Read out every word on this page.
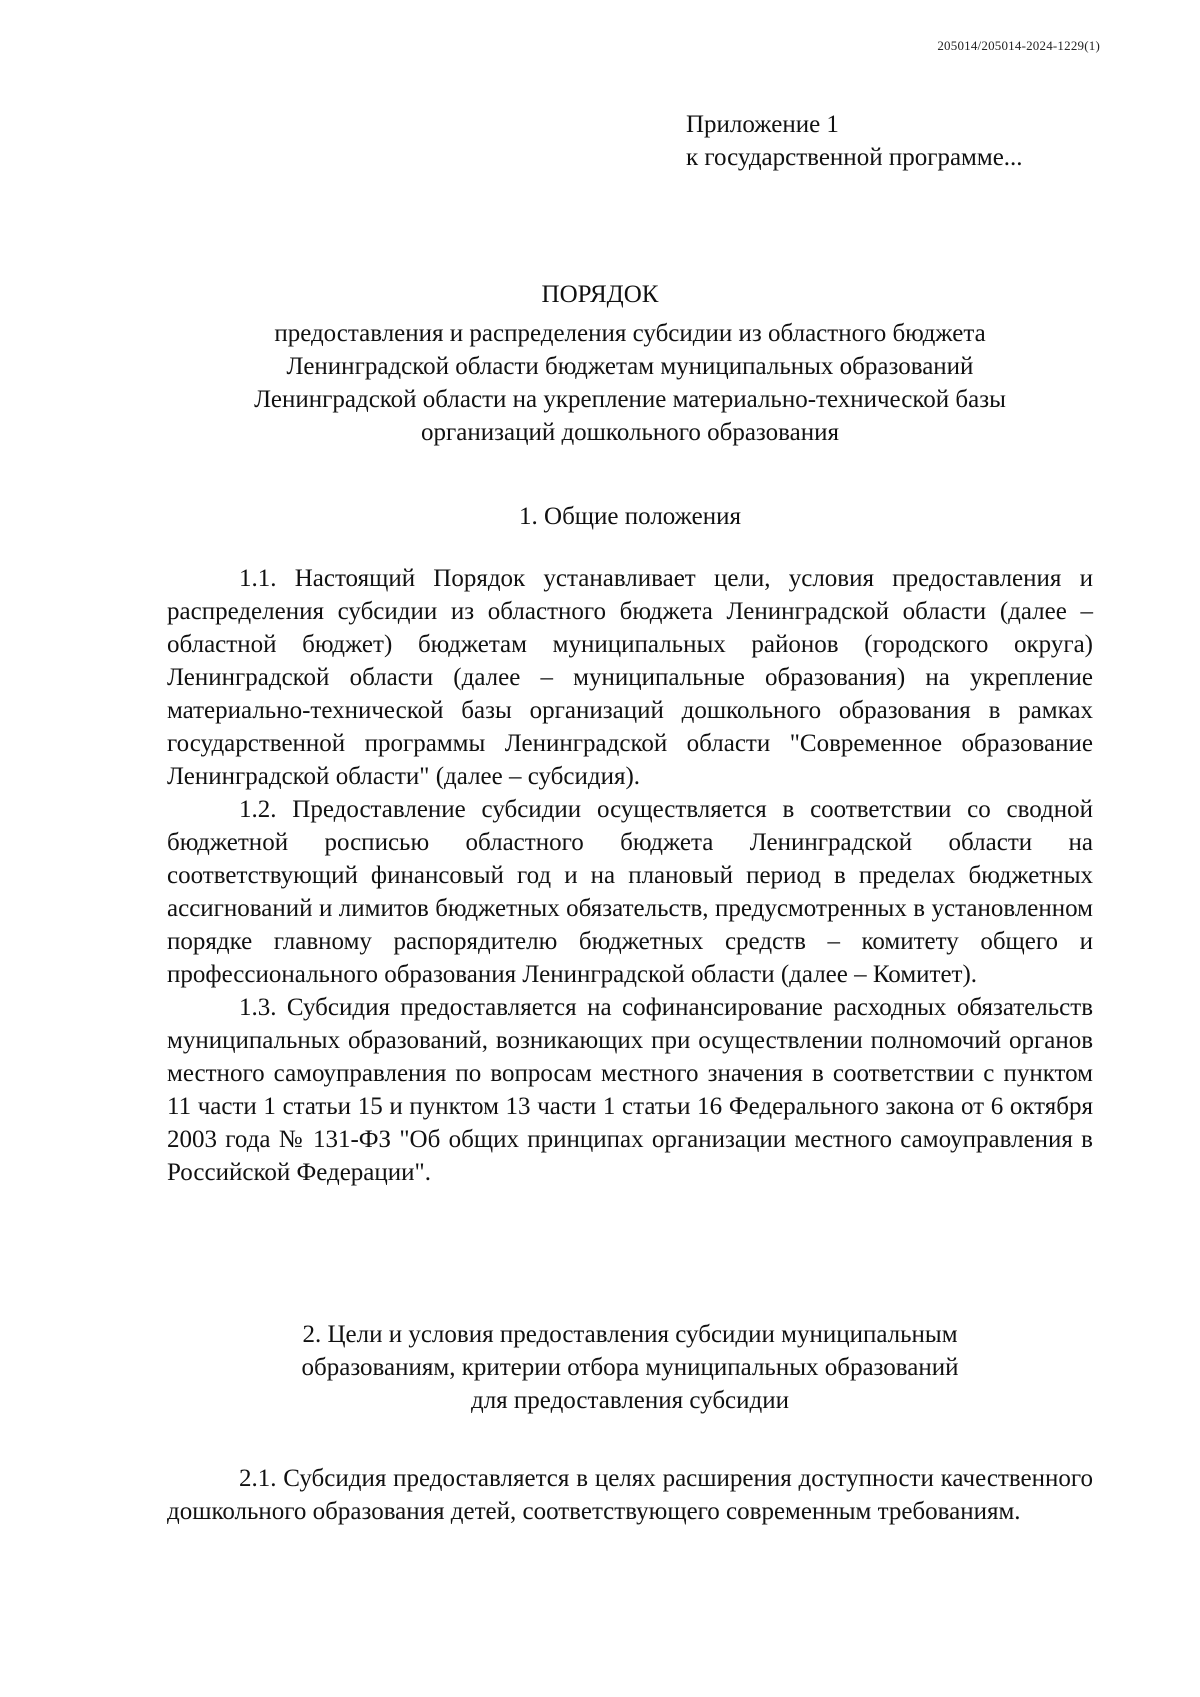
205014/205014-2024-1229(1)
Приложение 1
к государственной программе...
ПОРЯДОК
предоставления и распределения субсидии из областного бюджета
Ленинградской области бюджетам муниципальных образований
Ленинградской области на укрепление материально-технической базы
организаций дошкольного образования
1. Общие положения

1.1. Настоящий Порядок устанавливает цели, условия предоставления и распределения субсидии из областного бюджета Ленинградской области (далее – областной бюджет) бюджетам муниципальных районов (городского округа) Ленинградской области (далее – муниципальные образования) на укрепление материально-технической базы организаций дошкольного образования в рамках государственной программы Ленинградской области "Современное образование Ленинградской области" (далее – субсидия).

1.2. Предоставление субсидии осуществляется в соответствии со сводной бюджетной росписью областного бюджета Ленинградской области на соответствующий финансовый год и на плановый период в пределах бюджетных ассигнований и лимитов бюджетных обязательств, предусмотренных в установленном порядке главному распорядителю бюджетных средств – комитету общего и профессионального образования Ленинградской области (далее – Комитет).

1.3. Субсидия предоставляется на софинансирование расходных обязательств муниципальных образований, возникающих при осуществлении полномочий органов местного самоуправления по вопросам местного значения в соответствии с пунктом 11 части 1 статьи 15 и пунктом 13 части 1 статьи 16 Федерального закона от 6 октября 2003 года № 131-ФЗ "Об общих принципах организации местного самоуправления в Российской Федерации".

2. Цели и условия предоставления субсидии муниципальным
образованиям, критерии отбора муниципальных образований
для предоставления субсидии

2.1. Субсидия предоставляется в целях расширения доступности качественного дошкольного образования детей, соответствующего современным требованиям.
